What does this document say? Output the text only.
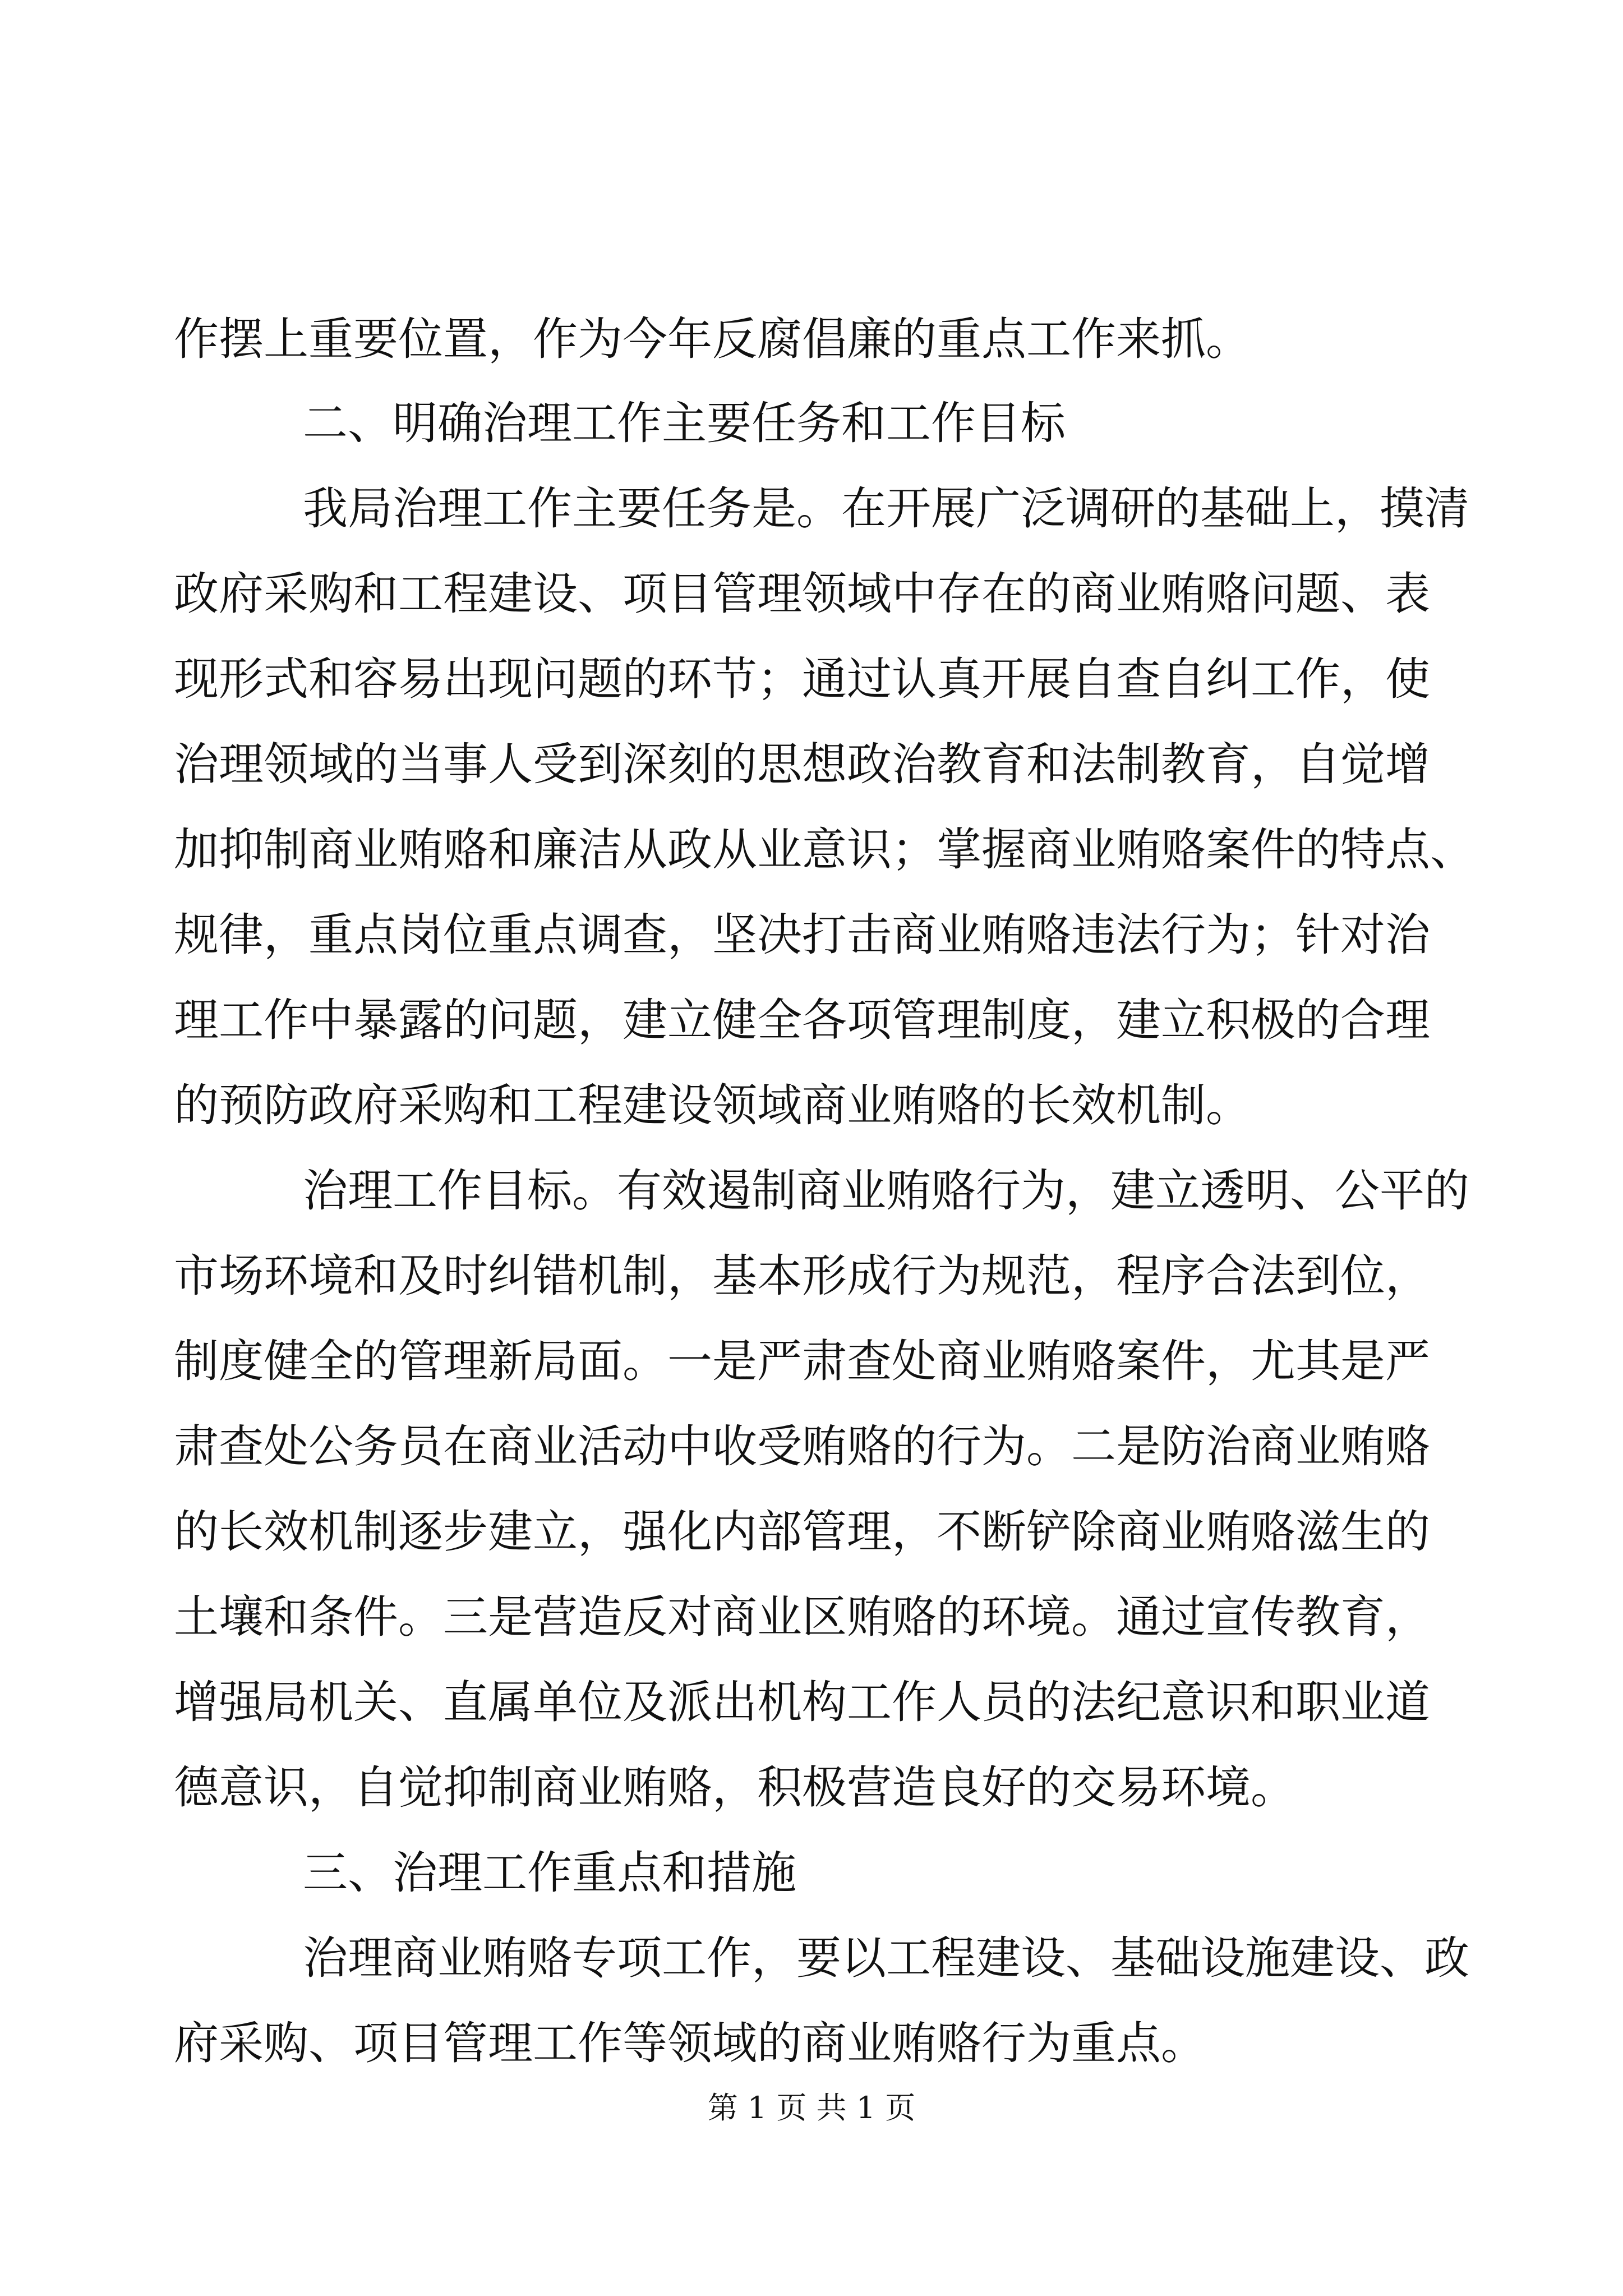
作摆上重要位置，作为今年反腐倡廉的重点工作来抓。
二、明确治理工作主要任务和工作目标
我局治理工作主要任务是。在开展广泛调研的基础上，摸清
政府采购和工程建设、项目管理领域中存在的商业贿赂问题、表
现形式和容易出现问题的环节；通过认真开展自查自纠工作，使
治理领域的当事人受到深刻的思想政治教育和法制教育，自觉增
加抑制商业贿赂和廉洁从政从业意识；掌握商业贿赂案件的特点、
规律，重点岗位重点调查，坚决打击商业贿赂违法行为；针对治
理工作中暴露的问题，建立健全各项管理制度，建立积极的合理
的预防政府采购和工程建设领域商业贿赂的长效机制。
治理工作目标。有效遏制商业贿赂行为，建立透明、公平的
市场环境和及时纠错机制，基本形成行为规范，程序合法到位，
制度健全的管理新局面。一是严肃查处商业贿赂案件，尤其是严
肃查处公务员在商业活动中收受贿赂的行为。二是防治商业贿赂
的长效机制逐步建立，强化内部管理，不断铲除商业贿赂滋生的
土壤和条件。三是营造反对商业区贿赂的环境。通过宣传教育，
增强局机关、直属单位及派出机构工作人员的法纪意识和职业道
德意识，自觉抑制商业贿赂，积极营造良好的交易环境。
三、治理工作重点和措施
治理商业贿赂专项工作，要以工程建设、基础设施建设、政
府采购、项目管理工作等领域的商业贿赂行为重点。
第 1 页 共 1 页
